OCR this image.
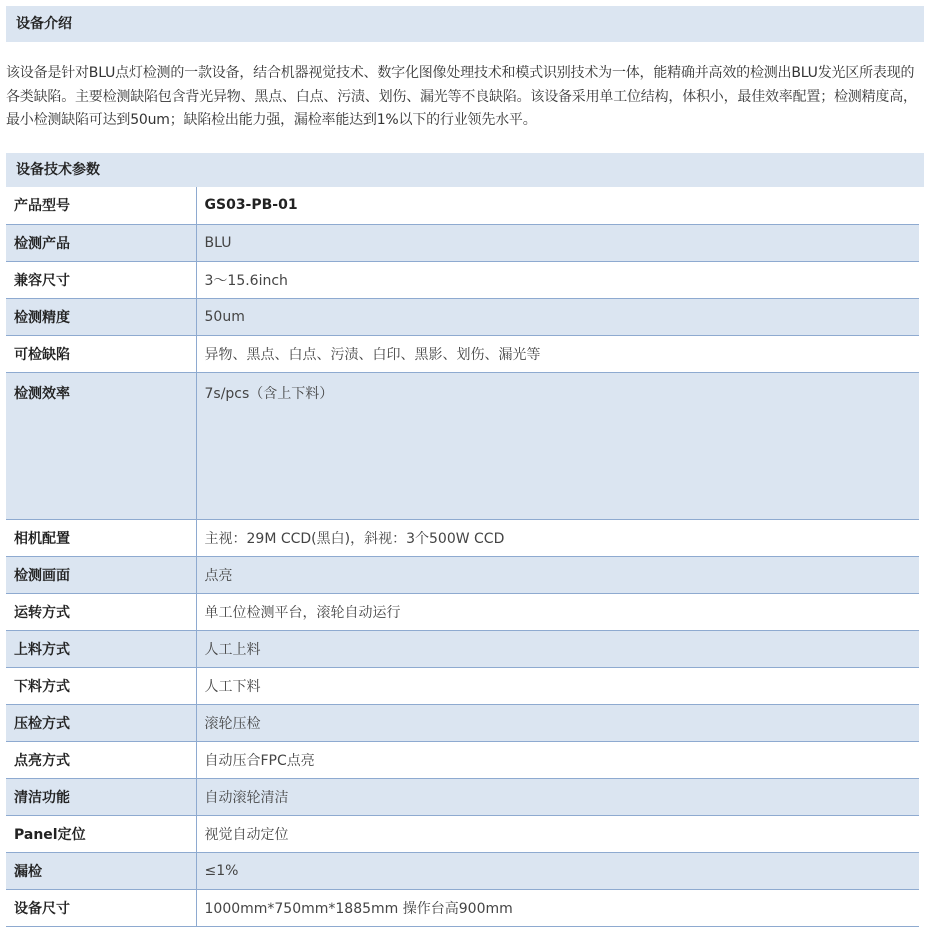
设备介绍

该设备是针对BLU点灯检测的一款设备，结合机器视觉技术、数字化图像处理技术和模式识别技术为一体，能精确并高效的检测出BLU发光区所表现的各类缺陷。主要检测缺陷包含背光异物、黑点、白点、污渍、划伤、漏光等不良缺陷。该设备采用单工位结构，体积小，最佳效率配置；检测精度高，最小检测缺陷可达到50um；缺陷检出能力强，漏检率能达到1%以下的行业领先水平。

设备技术参数
产品型号	GS03-PB-01
检测产品	BLU
兼容尺寸	3～15.6inch
检测精度	50um
可检缺陷	异物、黑点、白点、污渍、白印、黑影、划伤、漏光等
检测效率	7s/pcs（含上下料）
相机配置	主视：29M CCD(黑白)，斜视：3个500W CCD
检测画面	点亮
运转方式	单工位检测平台，滚轮自动运行
上料方式	人工上料
下料方式	人工下料
压检方式	滚轮压检
点亮方式	自动压合FPC点亮
清洁功能	自动滚轮清洁
Panel定位	视觉自动定位
漏检	≤1%
设备尺寸	1000mm*750mm*1885mm 操作台高900mm
